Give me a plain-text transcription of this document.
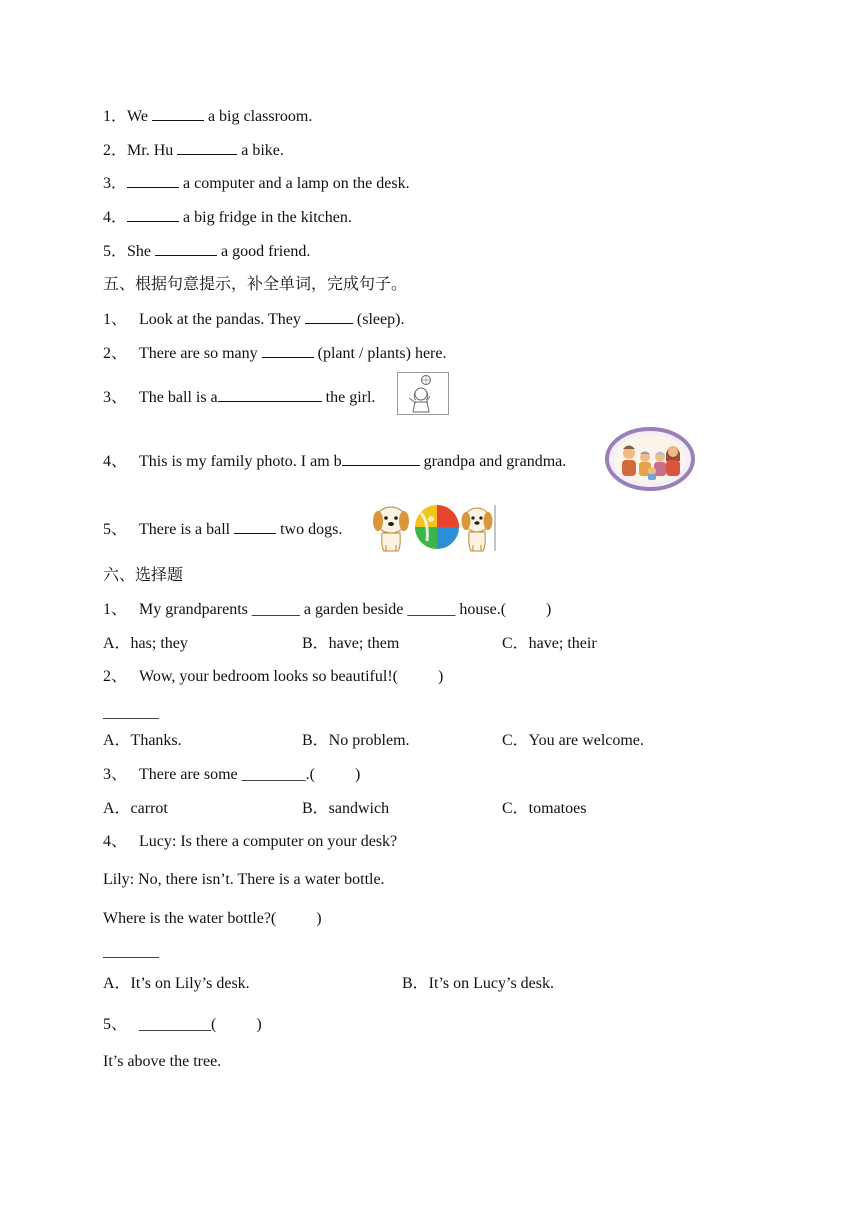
1．We	a big classroom.
2．Mr. Hu	a bike.
3．	a computer and a lamp on the desk.
4．	a big fridge in the kitchen.
5．She	a good friend.
五、根据句意提示，补全单词，完成句子。
1、 Look at the pandas. They	(sleep).
2、 There are so many	(plant / plants) here.
3、 The ball is a	the girl.
4、 This is my family photo. I am b	grandpa and grandma.
5、 There is a ball	two dogs.
六、选择题
1、 My grandparents ______ a garden beside ______ house.(          )
A．has; they	B．have; them	C．have; their
2、 Wow, your bedroom looks so beautiful!(          )
_______
A．Thanks.	B．No problem.	C．You are welcome.
3、 There are some ________.(          )
A．carrot	B．sandwich	C．tomatoes
4、 Lucy: Is there a computer on your desk?
Lily: No, there isn’t. There is a water bottle.
Where is the water bottle?(          )
_______
A．It’s on Lily’s desk.	B．It’s on Lucy’s desk.
5、 _________(          )
It’s above the tree.
